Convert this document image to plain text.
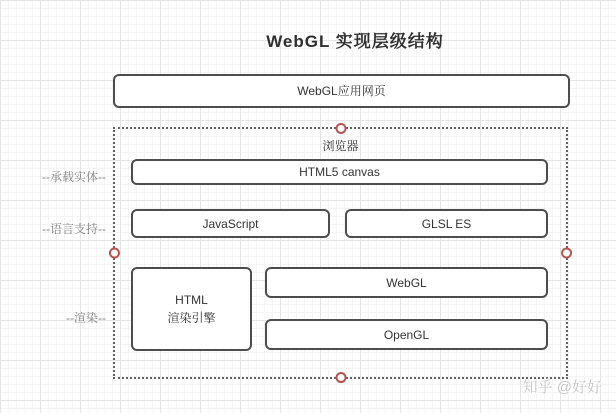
WebGL 实现层级结构
WebGL应用网页
浏览器
HTML5 canvas
JavaScript	GLSL ES
HTML
渲染引擎
WebGL
OpenGL
--承载实体--
--语言支持--
--渲染--
知乎 @好好
